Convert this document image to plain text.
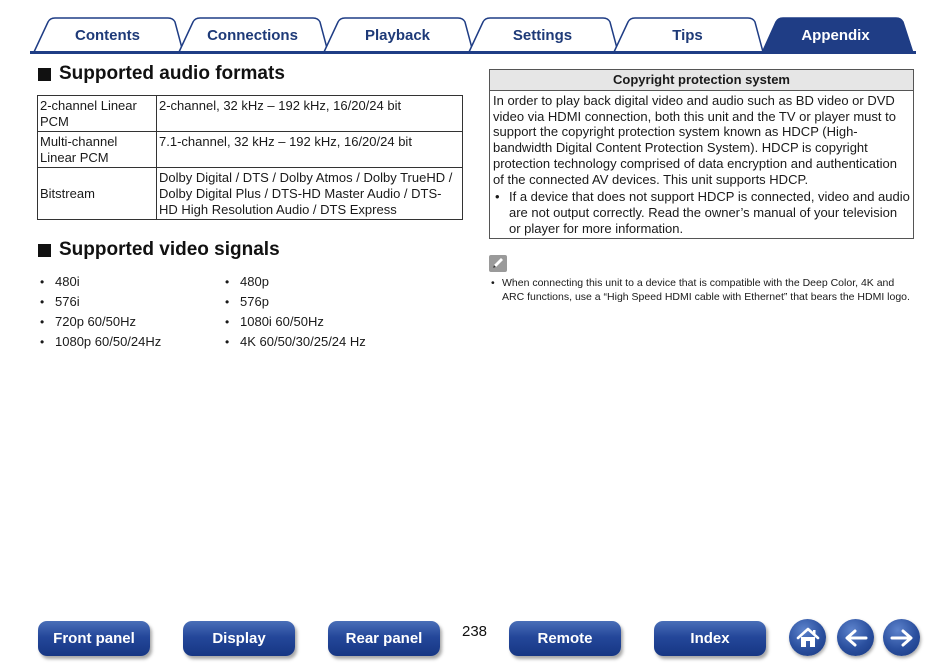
Contents	Connections	Playback	Settings	Tips	Appendix
Supported audio formats
2-channel Linear PCM	2-channel, 32 kHz – 192 kHz, 16/20/24 bit
Multi-channel Linear PCM	7.1-channel, 32 kHz – 192 kHz, 16/20/24 bit
Bitstream	Dolby Digital / DTS / Dolby Atmos / Dolby TrueHD / Dolby Digital Plus / DTS-HD Master Audio / DTS-HD High Resolution Audio / DTS Express
Supported video signals
• 480i
• 576i
• 720p 60/50Hz
• 1080p 60/50/24Hz
• 480p
• 576p
• 1080i 60/50Hz
• 4K 60/50/30/25/24 Hz
Copyright protection system
In order to play back digital video and audio such as BD video or DVD video via HDMI connection, both this unit and the TV or player must to support the copyright protection system known as HDCP (High-bandwidth Digital Content Protection System). HDCP is copyright protection technology comprised of data encryption and authentication of the connected AV devices. This unit supports HDCP.
• If a device that does not support HDCP is connected, video and audio are not output correctly. Read the owner’s manual of your television or player for more information.
• When connecting this unit to a device that is compatible with the Deep Color, 4K and ARC functions, use a “High Speed HDMI cable with Ethernet” that bears the HDMI logo.
Front panel	Display	Rear panel	238	Remote	Index
